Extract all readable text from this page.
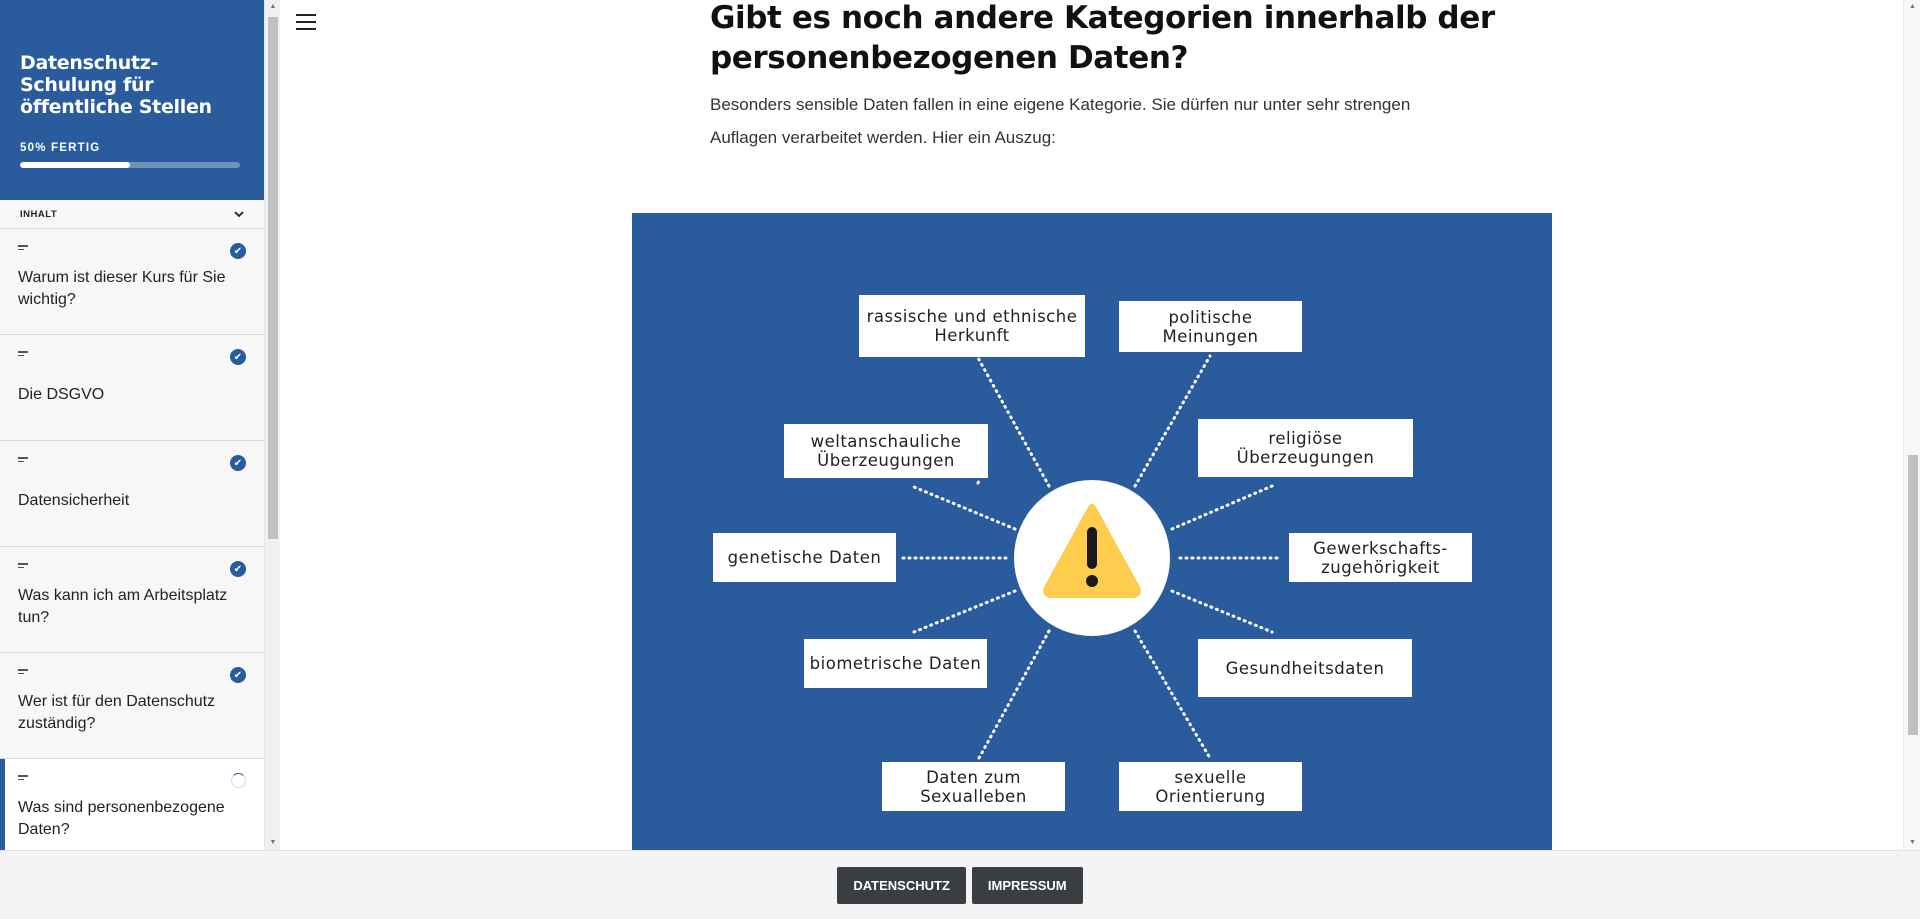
Datenschutz-Schulung für öffentliche Stellen
50% FERTIG
INHALT
✔
Warum ist dieser Kurs für Sie wichtig?
✔
Die DSGVO
✔
Datensicherheit
✔
Was kann ich am Arbeitsplatz tun?
✔
Wer ist für den Datenschutz zuständig?
Was sind personenbezogene Daten?
▲
▼
Gibt es noch andere Kategorien innerhalb der personenbezogenen Daten?

Besonders sensible Daten fallen in eine eigene Kategorie. Sie dürfen nur unter sehr strengen Auflagen verarbeitet werden. Hier ein Auszug:

rassische und ethnische Herkunft
politische Meinungen
weltanschauliche Überzeugungen
religiöse Überzeugungen
genetische Daten	Gewerkschafts-zugehörigkeit
biometrische Daten	Gesundheitsdaten
Daten zum Sexualleben
sexuelle Orientierung
▲
▼
DATENSCHUTZ	IMPRESSUM
